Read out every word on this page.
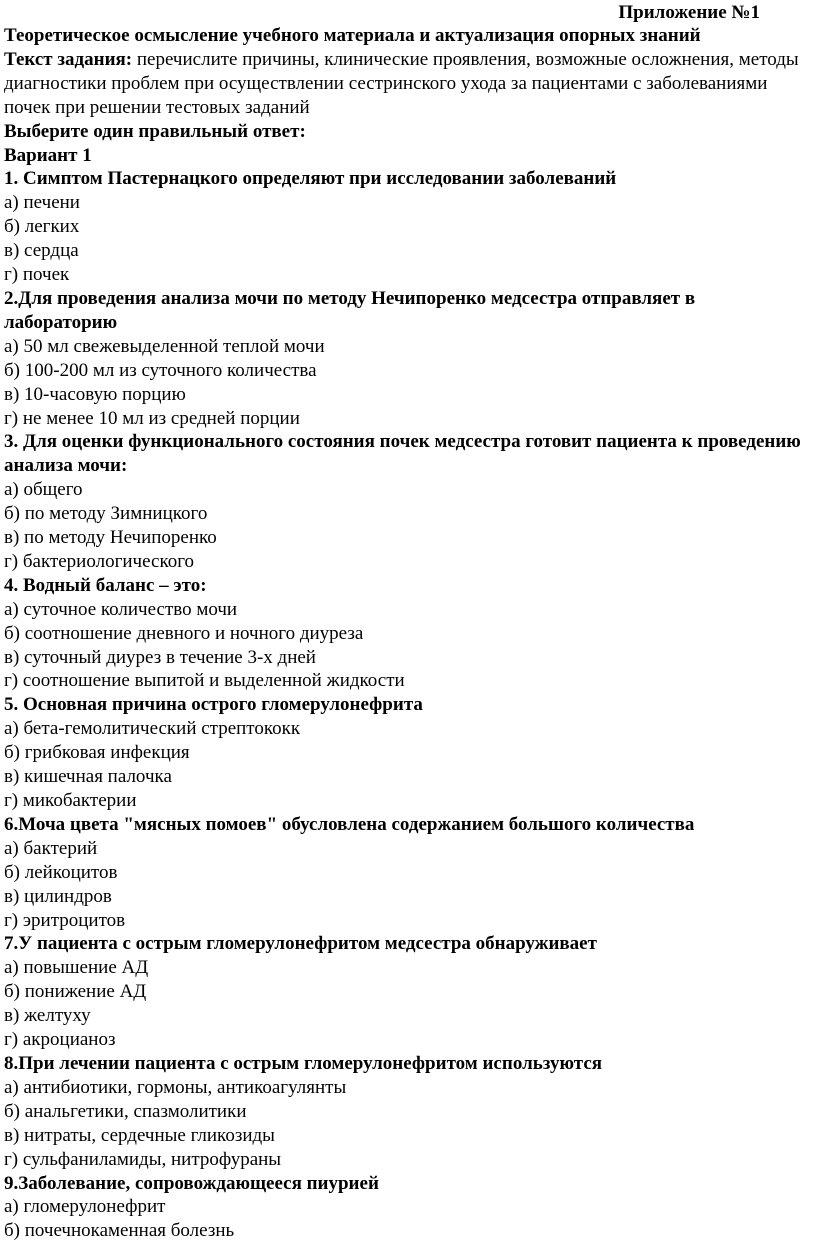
Приложение №1
Теоретическое осмысление учебного материала и актуализация опорных знаний
Текст задания: перечислите причины, клинические проявления, возможные осложнения, методы диагностики проблем при осуществлении сестринского ухода за пациентами с заболеваниями почек при решении тестовых заданий
Выберите один правильный ответ:
Вариант 1
1. Симптом Пастернацкого определяют при исследовании заболеваний
а) печени
б) легких
в) сердца
г) почек
2.Для проведения анализа мочи по методу Нечипоренко медсестра отправляет в лабораторию
а) 50 мл свежевыделенной теплой мочи
б) 100-200 мл из суточного количества
в) 10-часовую порцию
г) не менее 10 мл из средней порции
3. Для оценки функционального состояния почек медсестра готовит пациента к проведению анализа мочи:
а) общего
б) по методу Зимницкого
в) по методу Нечипоренко
г) бактериологического
4. Водный баланс – это:
а) суточное количество мочи
б) соотношение дневного и ночного диуреза
в) суточный диурез в течение 3-х дней
г) соотношение выпитой и выделенной жидкости
5. Основная причина острого гломерулонефрита
а) бета-гемолитический стрептококк
б) грибковая инфекция
в) кишечная палочка
г) микобактерии
6.Моча цвета "мясных помоев" обусловлена содержанием большого количества
а) бактерий
б) лейкоцитов
в) цилиндров
г) эритроцитов
7.У пациента с острым гломерулонефритом медсестра обнаруживает
а) повышение АД
б) понижение АД
в) желтуху
г) акроцианоз
8.При лечении пациента с острым гломерулонефритом используются
а) антибиотики, гормоны, антикоагулянты
б) анальгетики, спазмолитики
в) нитраты, сердечные гликозиды
г) сульфаниламиды, нитрофураны
9.Заболевание, сопровождающееся пиурией
а) гломерулонефрит
б) почечнокаменная болезнь
